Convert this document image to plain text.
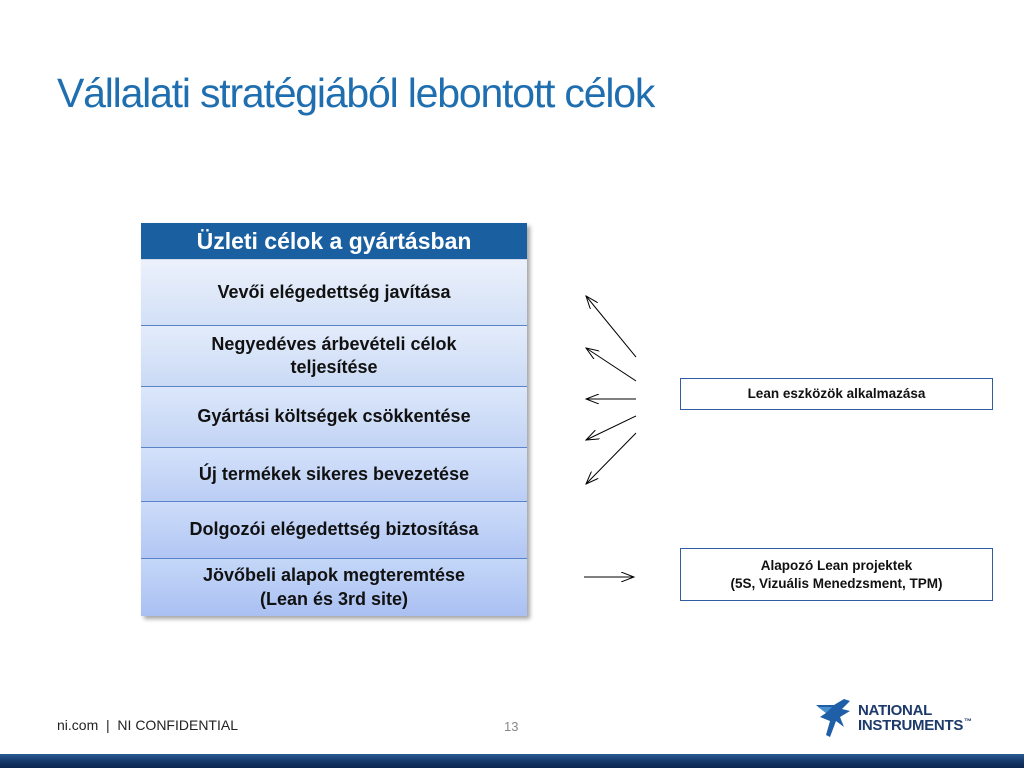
Vállalati stratégiából lebontott célok
Üzleti célok a gyártásban
Vevői elégedettség javítása
Negyedéves árbevételi célok
teljesítése
Gyártási költségek csökkentése
Új termékek sikeres bevezetése
Dolgozói elégedettség biztosítása
Jövőbeli alapok megteremtése
(Lean és 3rd site)
Lean eszközök alkalmazása
Alapozó Lean projektek
(5S, Vizuális Menedzsment, TPM)
ni.com  |  NI CONFIDENTIAL	13
NATIONAL
INSTRUMENTS ™
